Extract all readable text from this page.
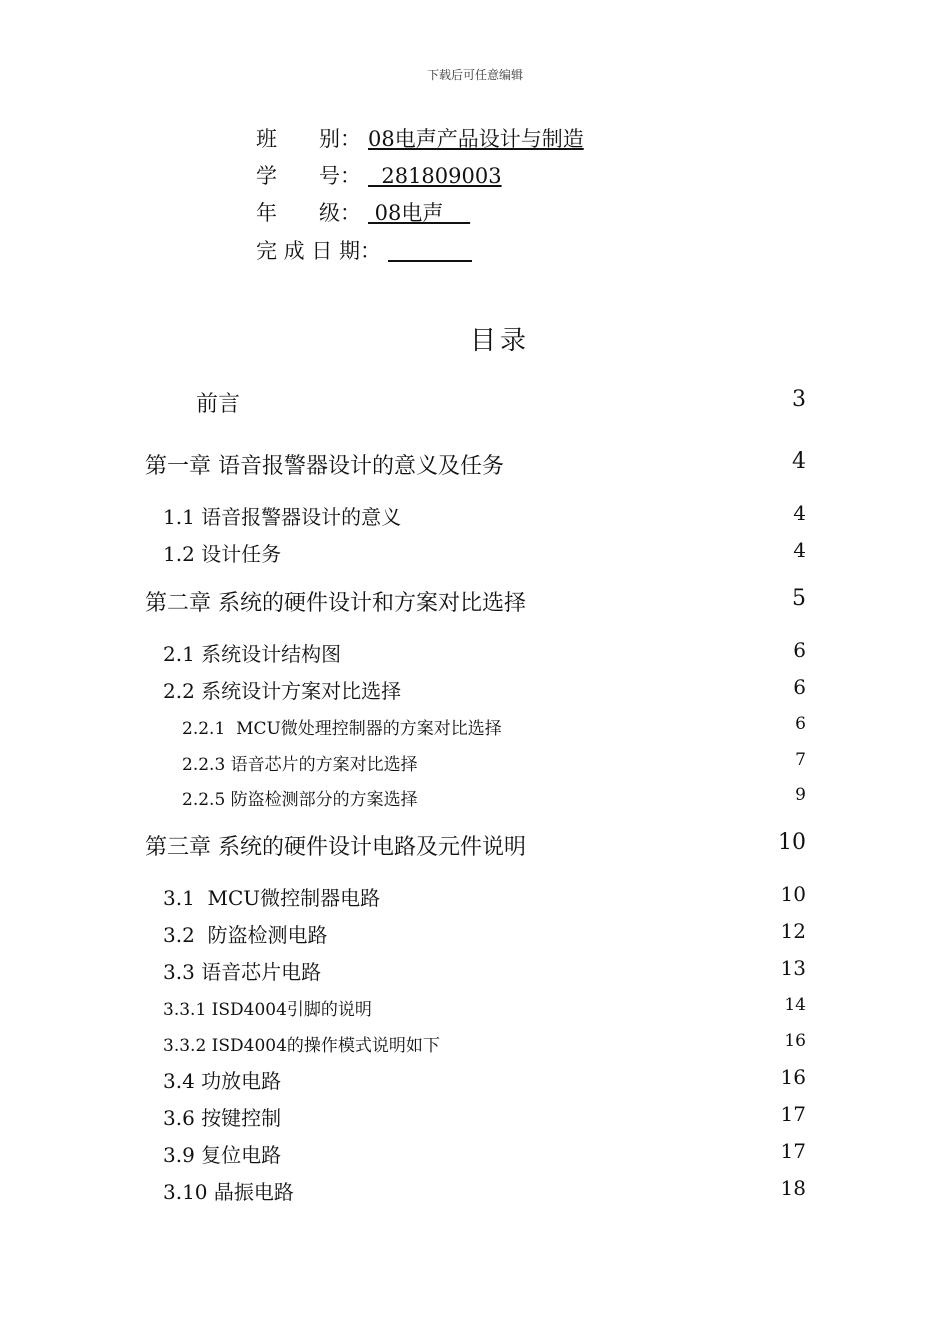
下载后可任意编辑
班　　别： 08电声产品设计与制造
学　　号：  281809003
年　　级： 08电声
完 成 日 期：　　　　
目录
前言	3
第一章 语音报警器设计的意义及任务	4
1.1 语音报警器设计的意义	4
1.2 设计任务	4
第二章 系统的硬件设计和方案对比选择	5
2.1 系统设计结构图	6
2.2 系统设计方案对比选择	6
2.2.1  MCU微处理控制器的方案对比选择	6
2.2.3 语音芯片的方案对比选择	7
2.2.5 防盗检测部分的方案选择	9
第三章 系统的硬件设计电路及元件说明	10
3.1  MCU微控制器电路	10
3.2  防盗检测电路	12
3.3 语音芯片电路	13
3.3.1 ISD4004引脚的说明	14
3.3.2 ISD4004的操作模式说明如下	16
3.4 功放电路	16
3.6 按键控制	17
3.9 复位电路	17
3.10 晶振电路	18
